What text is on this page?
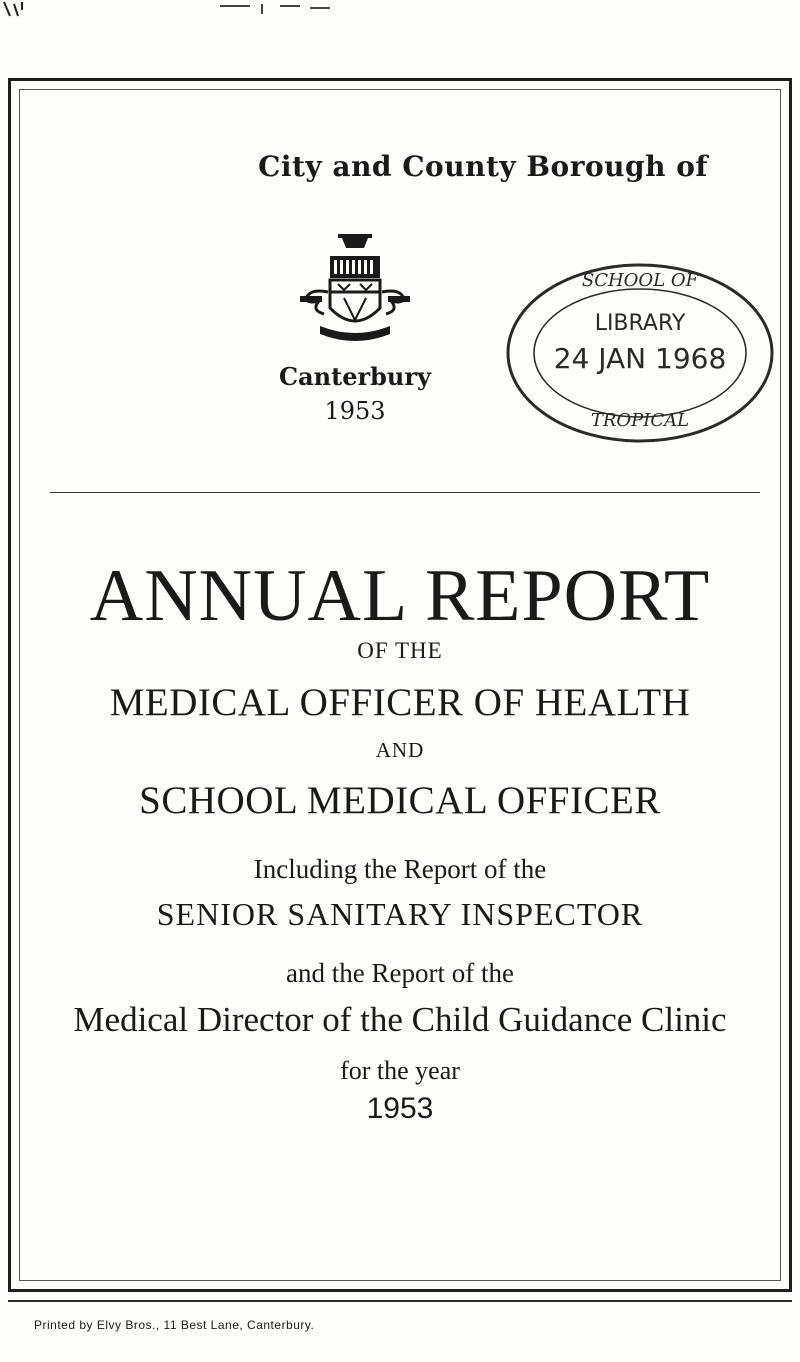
City and County Borough of
Canterbury
1953
SCHOOL OF
LIBRARY
24 JAN 1968
TROPICAL
ANNUAL REPORT
OF THE
MEDICAL OFFICER OF HEALTH
AND
SCHOOL MEDICAL OFFICER
Including the Report of the
SENIOR SANITARY INSPECTOR
and the Report of the
Medical Director of the Child Guidance Clinic
for the year
1953
Printed by Elvy Bros., 11 Best Lane, Canterbury.
